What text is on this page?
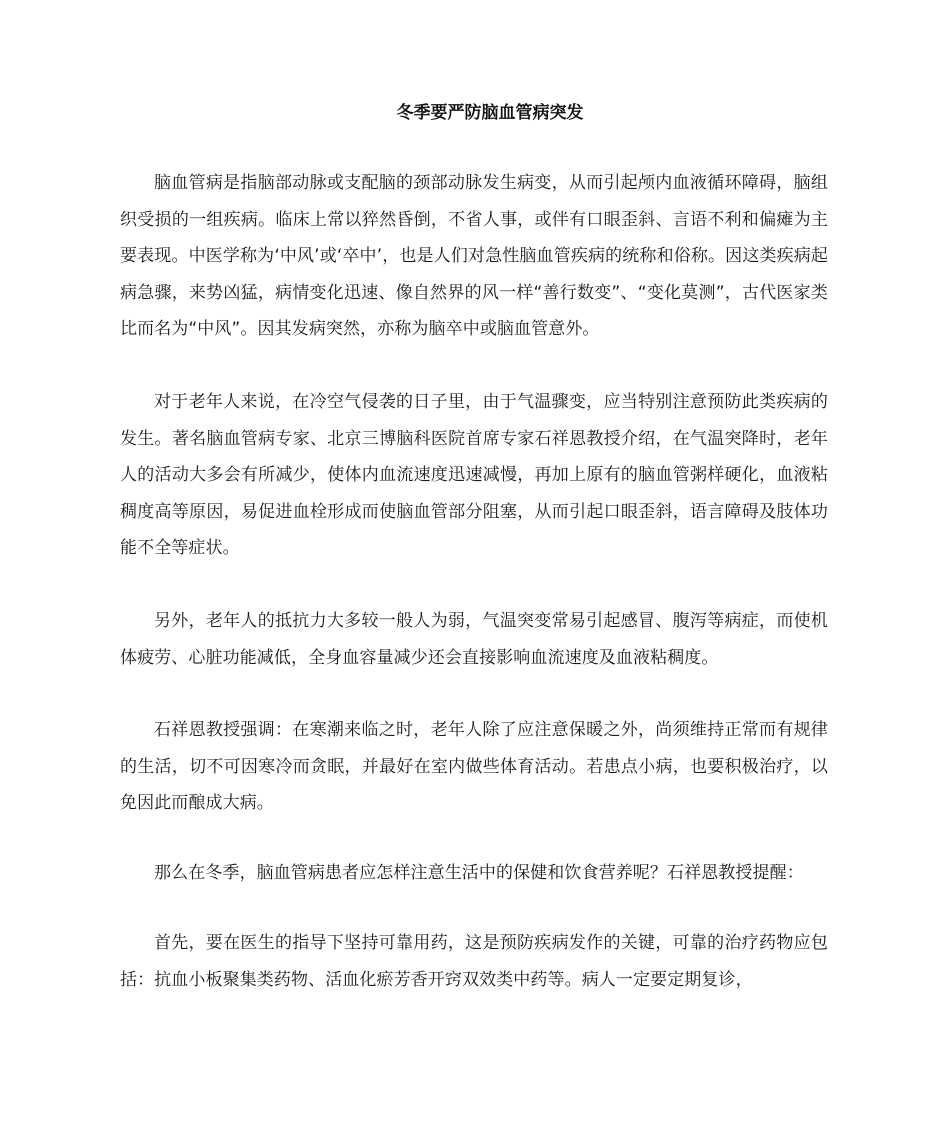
冬季要严防脑血管病突发

脑血管病是指脑部动脉或支配脑的颈部动脉发生病变，从而引起颅内血液循环障碍，脑组织受损的一组疾病。临床上常以猝然昏倒，不省人事，或伴有口眼歪斜、言语不利和偏瘫为主要表现。中医学称为‘中风’或‘卒中’，也是人们对急性脑血管疾病的统称和俗称。因这类疾病起病急骤，来势凶猛，病情变化迅速、像自然界的风一样“善行数变”、“变化莫测”，古代医家类比而名为“中风”。因其发病突然，亦称为脑卒中或脑血管意外。

对于老年人来说，在冷空气侵袭的日子里，由于气温骤变，应当特别注意预防此类疾病的发生。著名脑血管病专家、北京三博脑科医院首席专家石祥恩教授介绍，在气温突降时，老年人的活动大多会有所减少，使体内血流速度迅速减慢，再加上原有的脑血管粥样硬化，血液粘稠度高等原因，易促进血栓形成而使脑血管部分阻塞，从而引起口眼歪斜，语言障碍及肢体功能不全等症状。

另外，老年人的抵抗力大多较一般人为弱，气温突变常易引起感冒、腹泻等病症，而使机体疲劳、心脏功能减低，全身血容量减少还会直接影响血流速度及血液粘稠度。

石祥恩教授强调：在寒潮来临之时，老年人除了应注意保暖之外，尚须维持正常而有规律的生活，切不可因寒冷而贪眠，并最好在室内做些体育活动。若患点小病，也要积极治疗，以免因此而酿成大病。

那么在冬季，脑血管病患者应怎样注意生活中的保健和饮食营养呢？石祥恩教授提醒：

首先，要在医生的指导下坚持可靠用药，这是预防疾病发作的关键，可靠的治疗药物应包括：抗血小板聚集类药物、活血化瘀芳香开窍双效类中药等。病人一定要定期复诊，
